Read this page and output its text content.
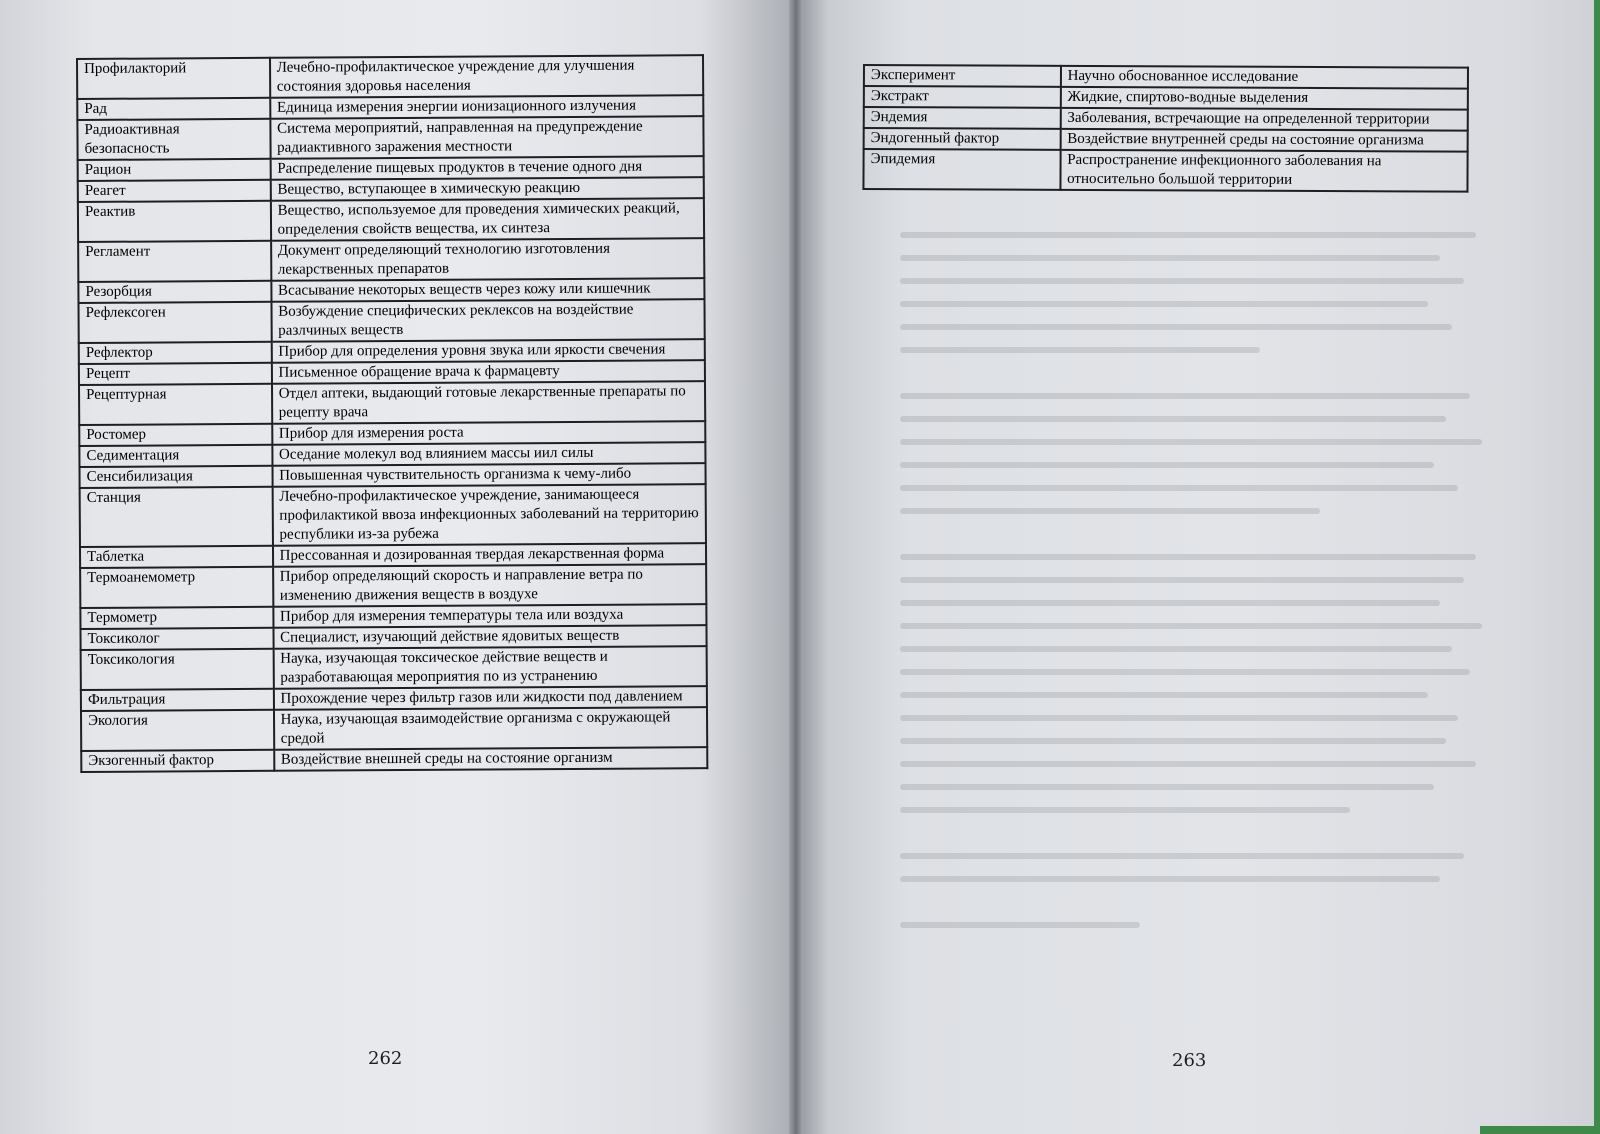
Профилакторий	Лечебно-профилактическое учреждение для улучшения состояния здоровья населения
Рад	Единица измерения энергии ионизационного излучения
Радиоактивная безопасность	Система мероприятий, направленная на предупреждение радиактивного заражения местности
Рацион	Распределение пищевых продуктов в течение одного дня
Реагет	Вещество, вступающее в химическую реакцию
Реактив	Вещество, используемое для проведения химических реакций, определения свойств вещества, их синтеза
Регламент	Документ определяющий технологию изготовления лекарственных препаратов
Резорбция	Всасывание некоторых веществ через кожу или кишечник
Рефлексоген	Возбуждение специфических реклексов на воздействие разлчиных веществ
Рефлектор	Прибор для определения уровня звука или яркости свечения
Рецепт	Письменное обращение врача к фармацевту
Рецептурная	Отдел аптеки, выдающий готовые лекарственные препараты по рецепту врача
Ростомер	Прибор для измерения роста
Седиментация	Оседание молекул вод влиянием массы иил силы
Сенсибилизация	Повышенная чувствительность организма к чему-либо
Станция	Лечебно-профилактическое учреждение, занимающееся профилактикой ввоза инфекционных заболеваний на территорию республики из-за рубежа
Таблетка	Прессованная и дозированная твердая лекарственная форма
Термоанемометр	Прибор определяющий скорость и направление ветра по изменению движения веществ в воздухе
Термометр	Прибор для измерения температуры тела или воздуха
Токсиколог	Специалист, изучающий действие ядовитых веществ
Токсикология	Наука, изучающая токсическое действие веществ и разработавающая мероприятия по из устранению
Фильтрация	Прохождение через фильтр газов или жидкости под давлением
Экология	Наука, изучающая взаимодействие организма с окружающей средой
Экзогенный фактор	Воздействие внешней среды на состояние организм
Эксперимент	Научно обоснованное исследование
Экстракт	Жидкие, спиртово-водные выделения
Эндемия	Заболевания, встречающие на определенной территории
Эндогенный фактор	Воздействие внутренней среды на состояние организма
Эпидемия	Распространение инфекционного заболевания на относительно большой территории
262	263
